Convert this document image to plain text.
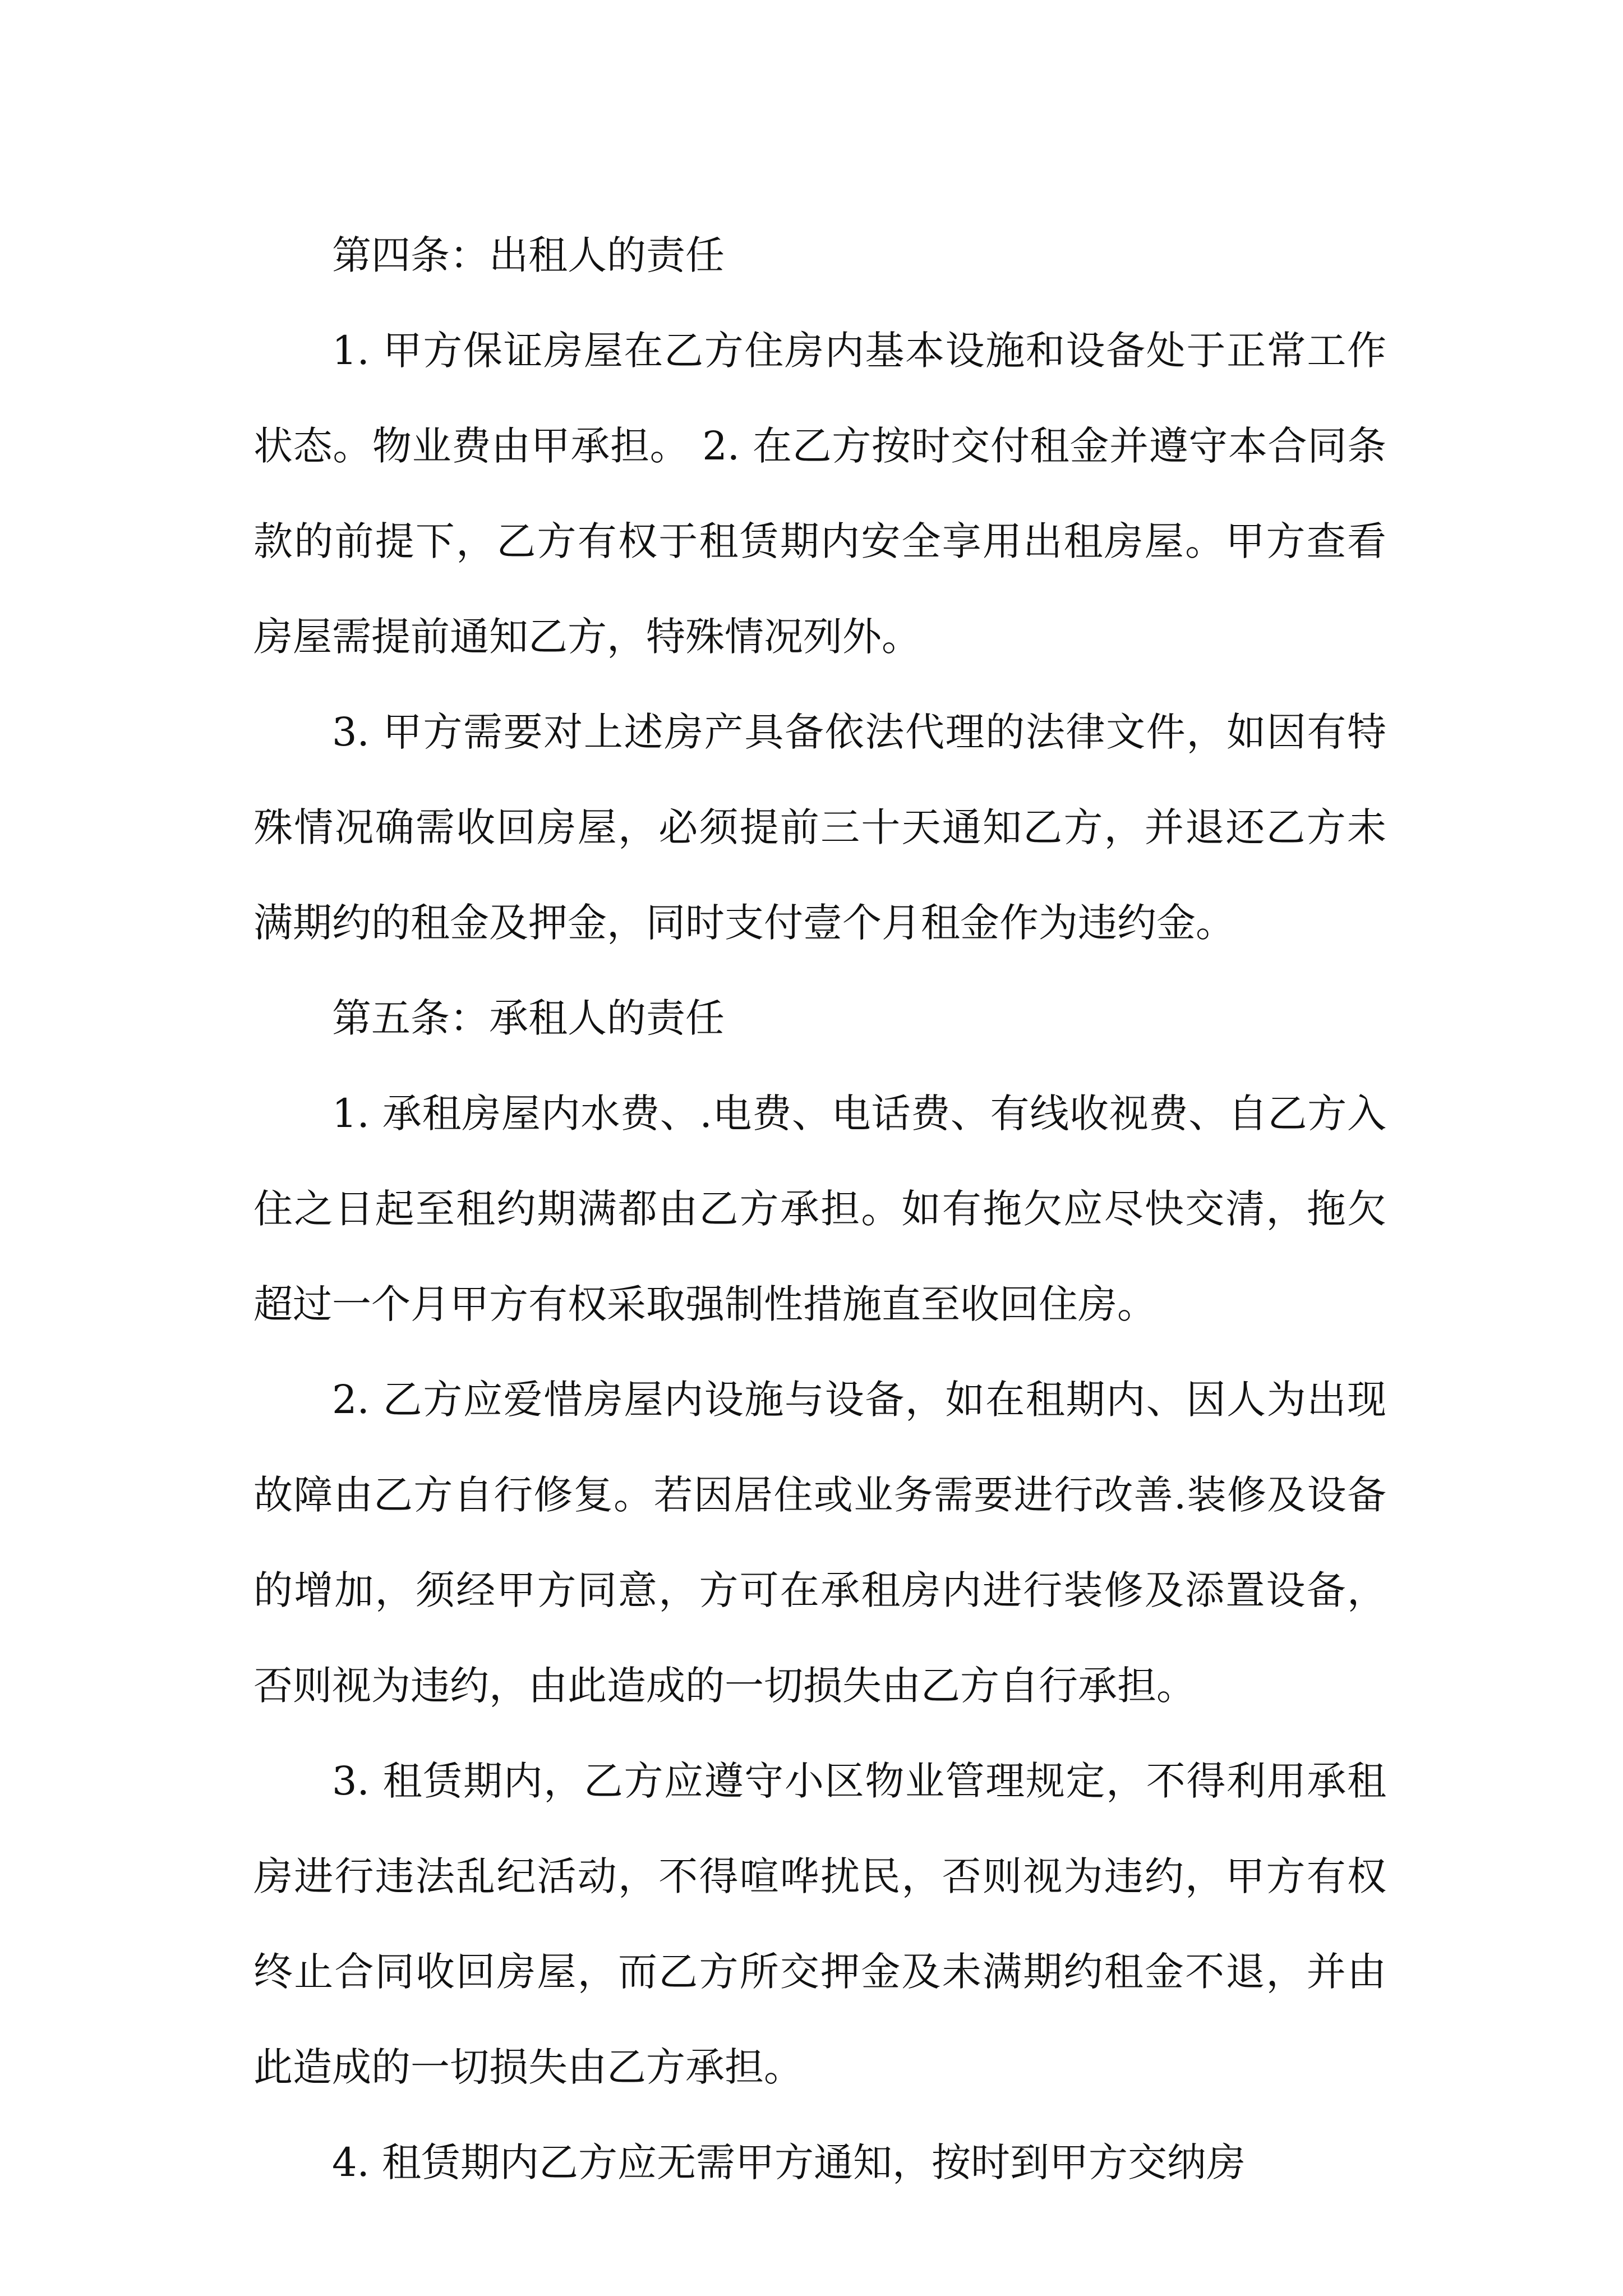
第四条：出租人的责任

1. 甲方保证房屋在乙方住房内基本设施和设备处于正常工作状态。物业费由甲承担。 2. 在乙方按时交付租金并遵守本合同条款的前提下，乙方有权于租赁期内安全享用出租房屋。甲方查看房屋需提前通知乙方，特殊情况列外。

3. 甲方需要对上述房产具备依法代理的法律文件，如因有特殊情况确需收回房屋，必须提前三十天通知乙方，并退还乙方未满期约的租金及押金，同时支付壹个月租金作为违约金。

第五条：承租人的责任

1. 承租房屋内水费、.电费、电话费、有线收视费、自乙方入住之日起至租约期满都由乙方承担。如有拖欠应尽快交清，拖欠超过一个月甲方有权采取强制性措施直至收回住房。

2. 乙方应爱惜房屋内设施与设备，如在租期内、因人为出现故障由乙方自行修复。若因居住或业务需要进行改善.装修及设备的增加，须经甲方同意，方可在承租房内进行装修及添置设备，否则视为违约，由此造成的一切损失由乙方自行承担。

3. 租赁期内，乙方应遵守小区物业管理规定，不得利用承租房进行违法乱纪活动，不得喧哗扰民，否则视为违约，甲方有权终止合同收回房屋，而乙方所交押金及未满期约租金不退，并由此造成的一切损失由乙方承担。

4. 租赁期内乙方应无需甲方通知，按时到甲方交纳房
